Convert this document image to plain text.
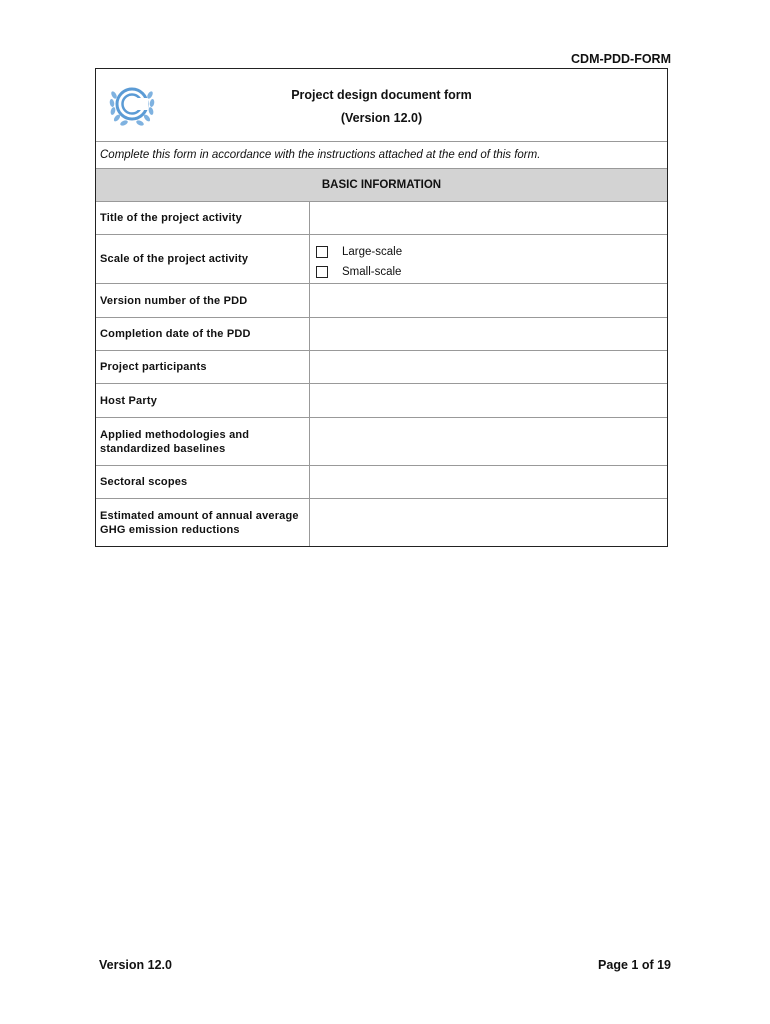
CDM-PDD-FORM
Project design document form
(Version 12.0)
Complete this form in accordance with the instructions attached at the end of this form.
BASIC INFORMATION
Title of the project activity
Scale of the project activity
Large-scale
Small-scale
Version number of the PDD
Completion date of the PDD
Project participants
Host Party
Applied methodologies and standardized baselines
Sectoral scopes
Estimated amount of annual average GHG emission reductions
Version 12.0	Page 1 of 19
